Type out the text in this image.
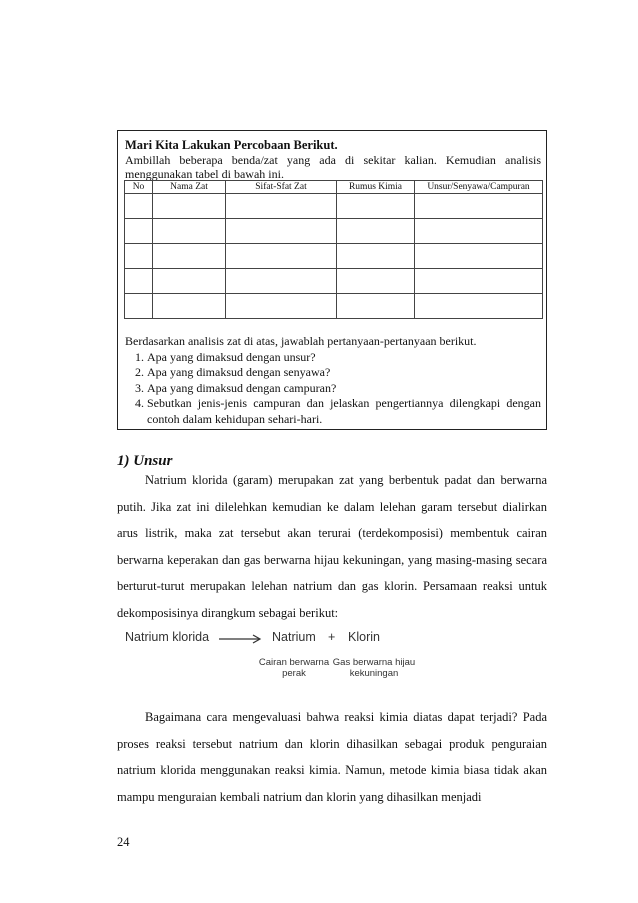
Mari Kita Lakukan Percobaan Berikut.
Ambillah beberapa benda/zat yang ada di sekitar kalian. Kemudian analisis menggunakan tabel di bawah ini.
No	Nama Zat	Sifat-Sfat Zat	Rumus Kimia	Unsur/Senyawa/Campuran

Berdasarkan analisis zat di atas, jawablah pertanyaan-pertanyaan berikut.
1. Apa yang dimaksud dengan unsur?
2. Apa yang dimaksud dengan senyawa?
3. Apa yang dimaksud dengan campuran?
4. Sebutkan jenis-jenis campuran dan jelaskan pengertiannya dilengkapi dengan contoh dalam kehidupan sehari-hari.
1) Unsur

Natrium klorida (garam) merupakan zat yang berbentuk padat dan berwarna putih. Jika zat ini dilelehkan kemudian ke dalam lelehan garam tersebut dialirkan arus listrik, maka zat tersebut akan terurai (terdekomposisi) membentuk cairan berwarna keperakan dan gas berwarna hijau kekuningan, yang masing-masing secara berturut-turut merupakan lelehan natrium dan gas klorin. Persamaan reaksi untuk dekomposisinya dirangkum sebagai berikut:

Natrium klorida → Natrium + Klorin
Cairan berwarna
perak
Gas berwarna hijau
kekuningan

Bagaimana cara mengevaluasi bahwa reaksi kimia diatas dapat terjadi? Pada proses reaksi tersebut natrium dan klorin dihasilkan sebagai produk penguraian natrium klorida menggunakan reaksi kimia. Namun, metode kimia biasa tidak akan mampu menguraian kembali natrium dan klorin yang dihasilkan menjadi

24
